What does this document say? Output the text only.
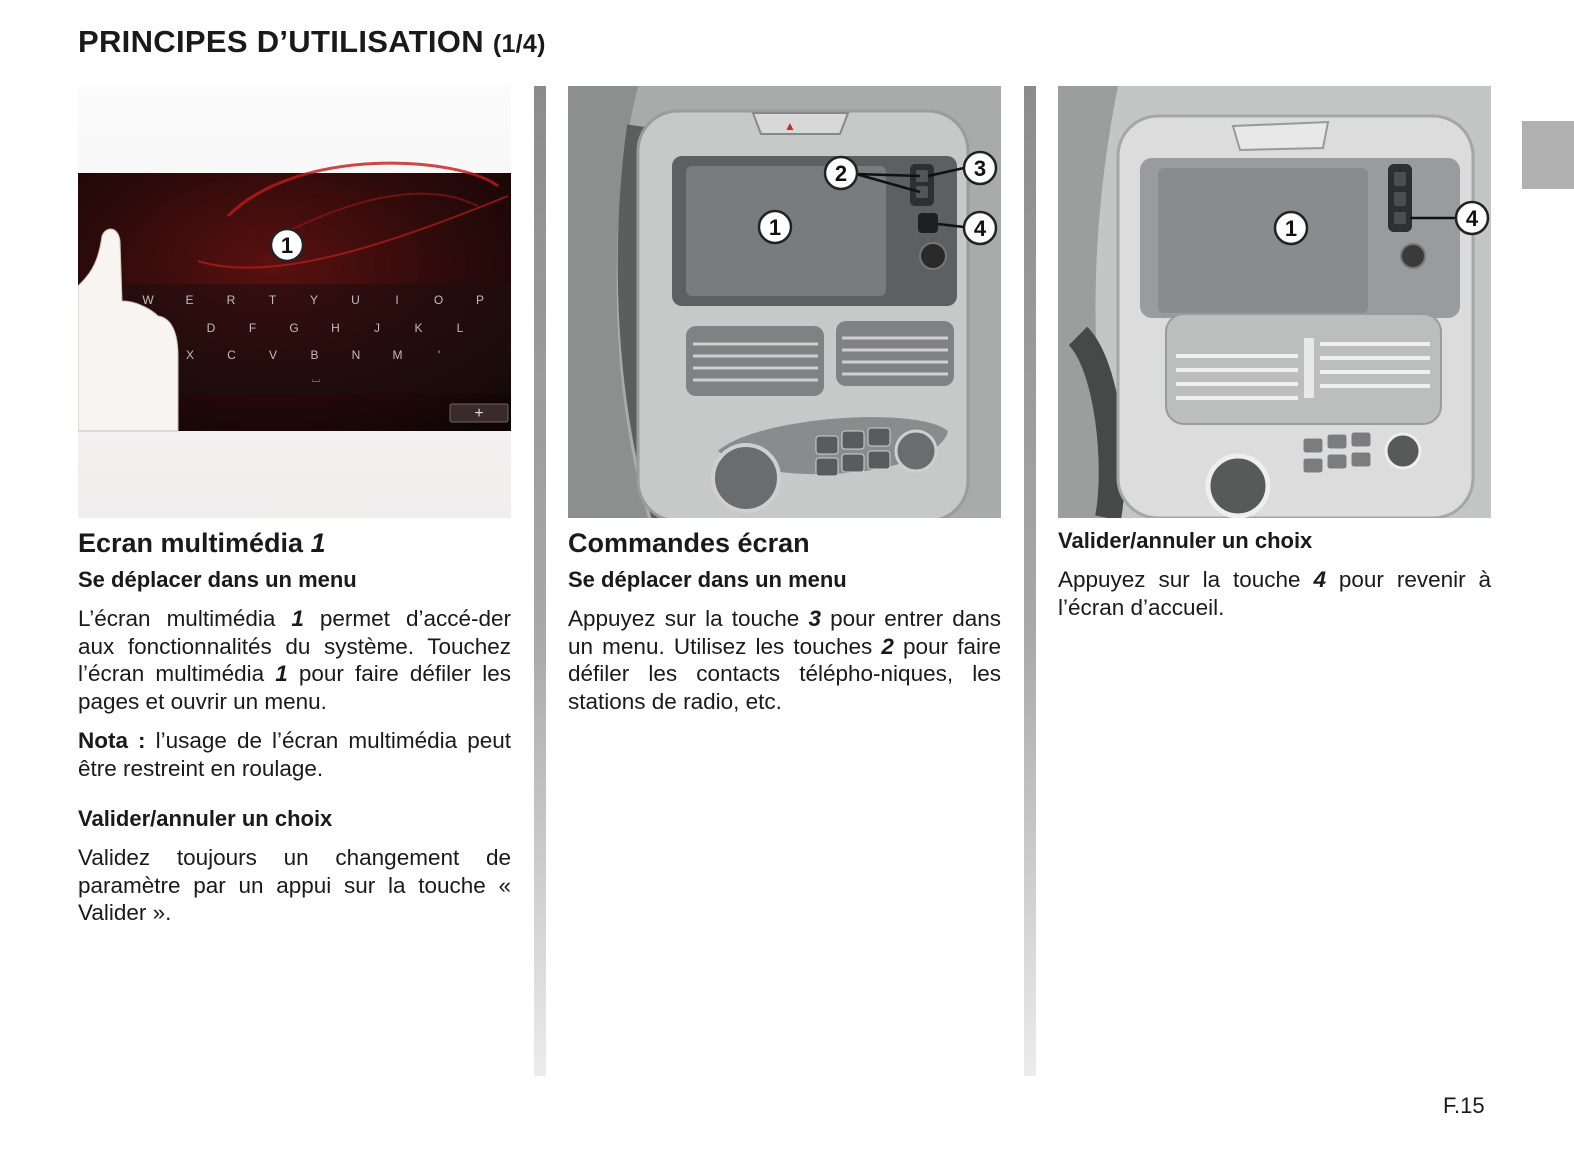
PRINCIPES D’UTILISATION (1/4)
W	E	R	T	Y	U	I	O	P
D	F	G	H	J	K	L
X	C	V	B	N	M	'
+
⌴
1
Ecran multimédia 1
Se déplacer dans un menu

L’écran multimédia 1 permet d’accé-der aux fonctionnalités du système. Touchez l’écran multimédia 1 pour faire défiler les pages et ouvrir un menu.

Nota : l’usage de l’écran multimédia peut être restreint en roulage.

Valider/annuler un choix

Validez toujours un changement de paramètre par un appui sur la touche « Valider ».

▲
1
2	3
4
Commandes écran
Se déplacer dans un menu

Appuyez sur la touche 3 pour entrer dans un menu. Utilisez les touches 2 pour faire défiler les contacts télépho-niques, les stations de radio, etc.

1	4
Valider/annuler un choix

Appuyez sur la touche 4 pour revenir à l’écran d’accueil.

F.15
